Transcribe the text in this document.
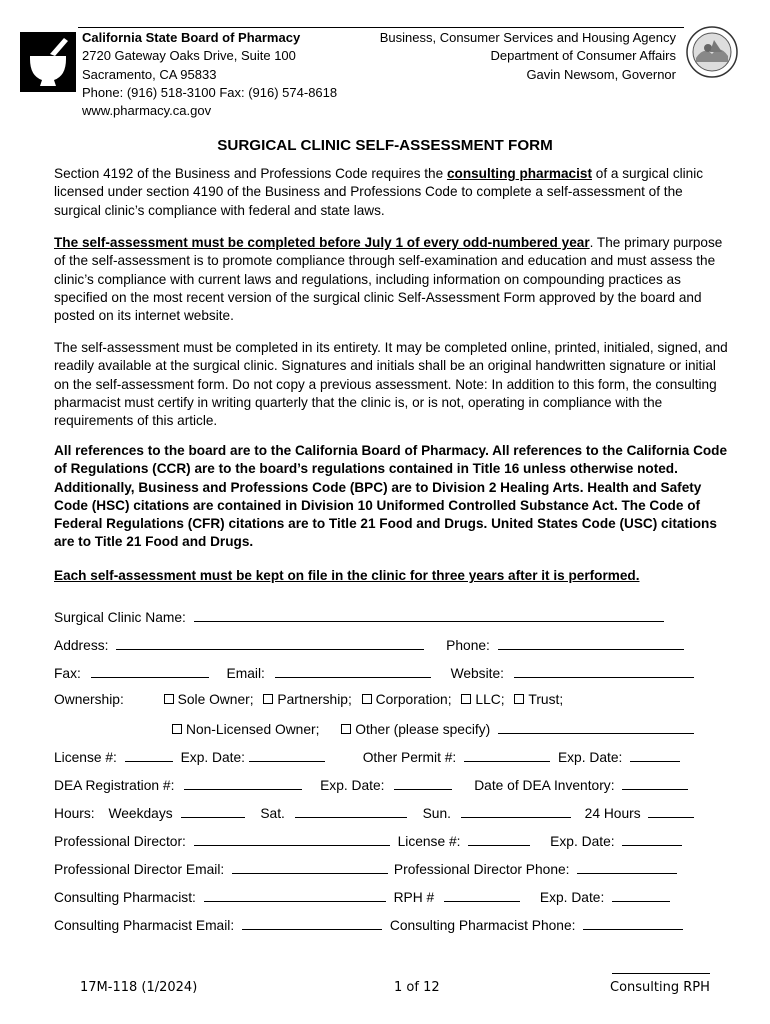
California State Board of Pharmacy
2720 Gateway Oaks Drive, Suite 100
Sacramento, CA 95833
Phone: (916) 518-3100 Fax: (916) 574-8618
www.pharmacy.ca.gov
Business, Consumer Services and Housing Agency
Department of Consumer Affairs
Gavin Newsom, Governor
SURGICAL CLINIC SELF-ASSESSMENT FORM
Section 4192 of the Business and Professions Code requires the consulting pharmacist of a surgical clinic licensed under section 4190 of the Business and Professions Code to complete a self-assessment of the surgical clinic’s compliance with federal and state laws.
The self-assessment must be completed before July 1 of every odd-numbered year. The primary purpose of the self-assessment is to promote compliance through self-examination and education and must assess the clinic’s compliance with current laws and regulations, including information on compounding practices as specified on the most recent version of the surgical clinic Self-Assessment Form approved by the board and posted on its internet website.
The self-assessment must be completed in its entirety. It may be completed online, printed, initialed, signed, and readily available at the surgical clinic. Signatures and initials shall be an original handwritten signature or initial on the self-assessment form. Do not copy a previous assessment. Note: In addition to this form, the consulting pharmacist must certify in writing quarterly that the clinic is, or is not, operating in compliance with the requirements of this article.
All references to the board are to the California Board of Pharmacy. All references to the California Code of Regulations (CCR) are to the board’s regulations contained in Title 16 unless otherwise noted. Additionally, Business and Professions Code (BPC) are to Division 2 Healing Arts. Health and Safety Code (HSC) citations are contained in Division 10 Uniformed Controlled Substance Act. The Code of Federal Regulations (CFR) citations are to Title 21 Food and Drugs. United States Code (USC) citations are to Title 21 Food and Drugs.
Each self-assessment must be kept on file in the clinic for three years after it is performed.
Surgical Clinic Name:
Address:	Phone:
Fax:	Email:	Website:
Ownership:	Sole Owner; Partnership; Corporation; LLC; Trust;
Non-Licensed Owner;	Other (please specify)
License #:	Exp. Date:	Other Permit #:	Exp. Date:
DEA Registration #:	Exp. Date:	Date of DEA Inventory:
Hours: Weekdays	Sat.	Sun.	24 Hours
Professional Director:	License #:	Exp. Date:
Professional Director Email:	Professional Director Phone:
Consulting Pharmacist:	RPH #	Exp. Date:
Consulting Pharmacist Email:	Consulting Pharmacist Phone:
17M-118 (1/2024)	1 of 12	Consulting RPH
